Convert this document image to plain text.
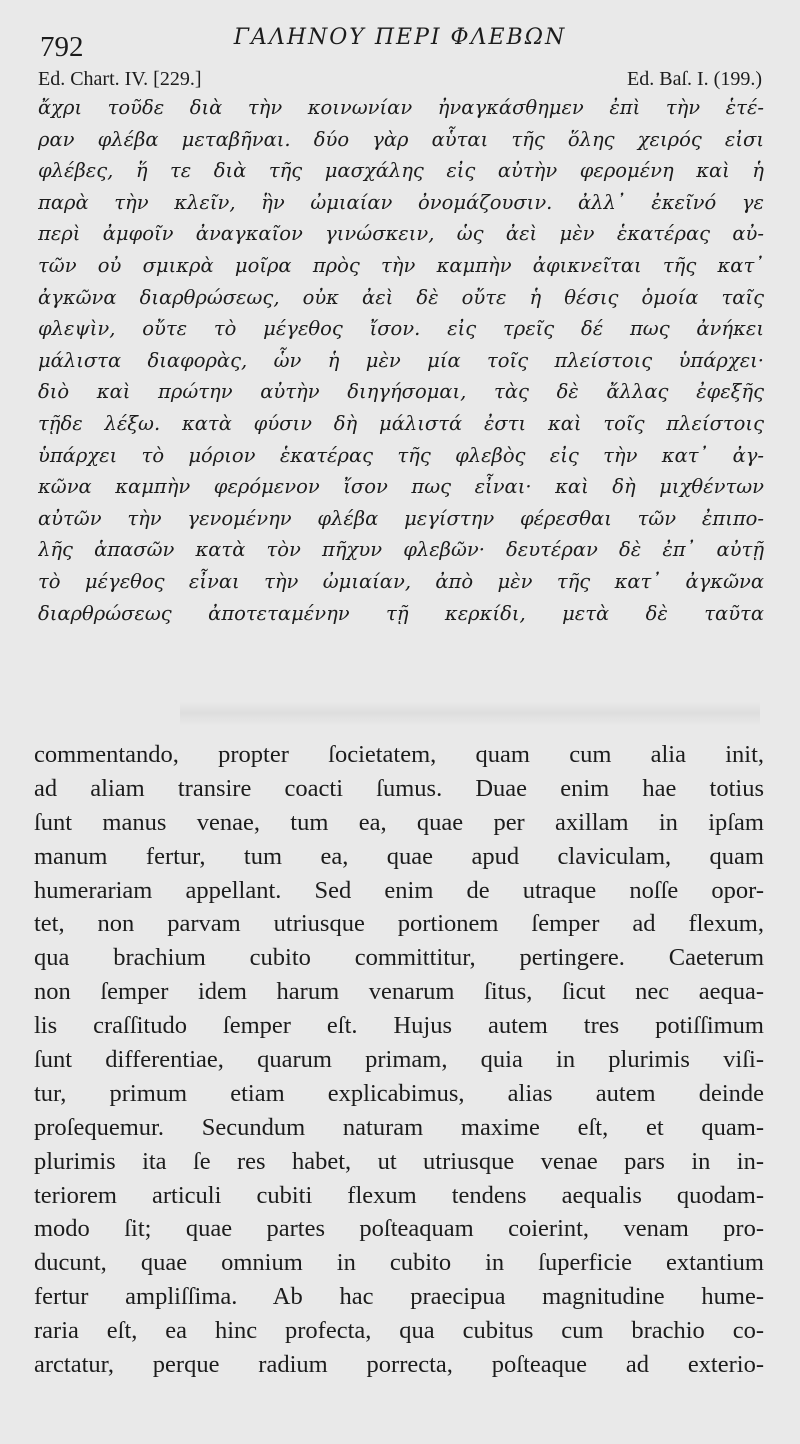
792	ΓΑΛΗΝΟΥ ΠΕΡΙ ΦΛΕΒΩΝ
Ed. Chart. IV. [229.]	Ed. Baſ. I. (199.)
ἄχρι τοῦδε διὰ τὴν κοινωνίαν ἠναγκάσθημεν ἐπὶ τὴν ἑτέ-
ραν φλέβα μεταβῆναι. δύο γὰρ αὗται τῆς ὅλης χειρός εἰσι
φλέβες, ἥ τε διὰ τῆς μασχάλης εἰς αὐτὴν φερομένη καὶ ἡ
παρὰ τὴν κλεῖν, ἣν ὠμιαίαν ὀνομάζουσιν. ἀλλ᾽ ἐκεῖνό γε
περὶ ἀμφοῖν ἀναγκαῖον γινώσκειν, ὡς ἀεὶ μὲν ἑκατέρας αὐ-
τῶν οὐ σμικρὰ μοῖρα πρὸς τὴν καμπὴν ἀφικνεῖται τῆς κατ᾽
ἀγκῶνα διαρθρώσεως, οὐκ ἀεὶ δὲ οὔτε ἡ θέσις ὁμοία ταῖς
φλεψὶν, οὔτε τὸ μέγεθος ἴσον. εἰς τρεῖς δέ πως ἀνήκει
μάλιστα διαφορὰς, ὧν ἡ μὲν μία τοῖς πλείστοις ὑπάρχει·
διὸ καὶ πρώτην αὐτὴν διηγήσομαι, τὰς δὲ ἄλλας ἐφεξῆς
τῇδε λέξω. κατὰ φύσιν δὴ μάλιστά ἐστι καὶ τοῖς πλείστοις
ὑπάρχει τὸ μόριον ἑκατέρας τῆς φλεβὸς εἰς τὴν κατ᾽ ἀγ-
κῶνα καμπὴν φερόμενον ἴσον πως εἶναι· καὶ δὴ μιχθέντων
αὐτῶν τὴν γενομένην φλέβα μεγίστην φέρεσθαι τῶν ἐπιπο-
λῆς ἁπασῶν κατὰ τὸν πῆχυν φλεβῶν· δευτέραν δὲ ἐπ᾽ αὐτῇ
τὸ μέγεθος εἶναι τὴν ὠμιαίαν, ἀπὸ μὲν τῆς κατ᾽ ἀγκῶνα
διαρθρώσεως ἀποτεταμένην τῇ κερκίδι, μετὰ δὲ ταῦτα
commentando, propter ſocietatem, quam cum alia init,
ad aliam transire coacti ſumus. Duae enim hae totius
ſunt manus venae, tum ea, quae per axillam in ipſam
manum fertur, tum ea, quae apud claviculam, quam
humerariam appellant. Sed enim de utraque noſſe opor-
tet, non parvam utriusque portionem ſemper ad flexum,
qua brachium cubito committitur, pertingere. Caeterum
non ſemper idem harum venarum ſitus, ſicut nec aequa-
lis craſſitudo ſemper eſt. Hujus autem tres potiſſimum
ſunt differentiae, quarum primam, quia in plurimis viſi-
tur, primum etiam explicabimus, alias autem deinde
proſequemur. Secundum naturam maxime eſt, et quam-
plurimis ita ſe res habet, ut utriusque venae pars in in-
teriorem articuli cubiti flexum tendens aequalis quodam-
modo ſit; quae partes poſteaquam coierint, venam pro-
ducunt, quae omnium in cubito in ſuperficie extantium
fertur ampliſſima. Ab hac praecipua magnitudine hume-
raria eſt, ea hinc profecta, qua cubitus cum brachio co-
arctatur, perque radium porrecta, poſteaque ad exterio-
